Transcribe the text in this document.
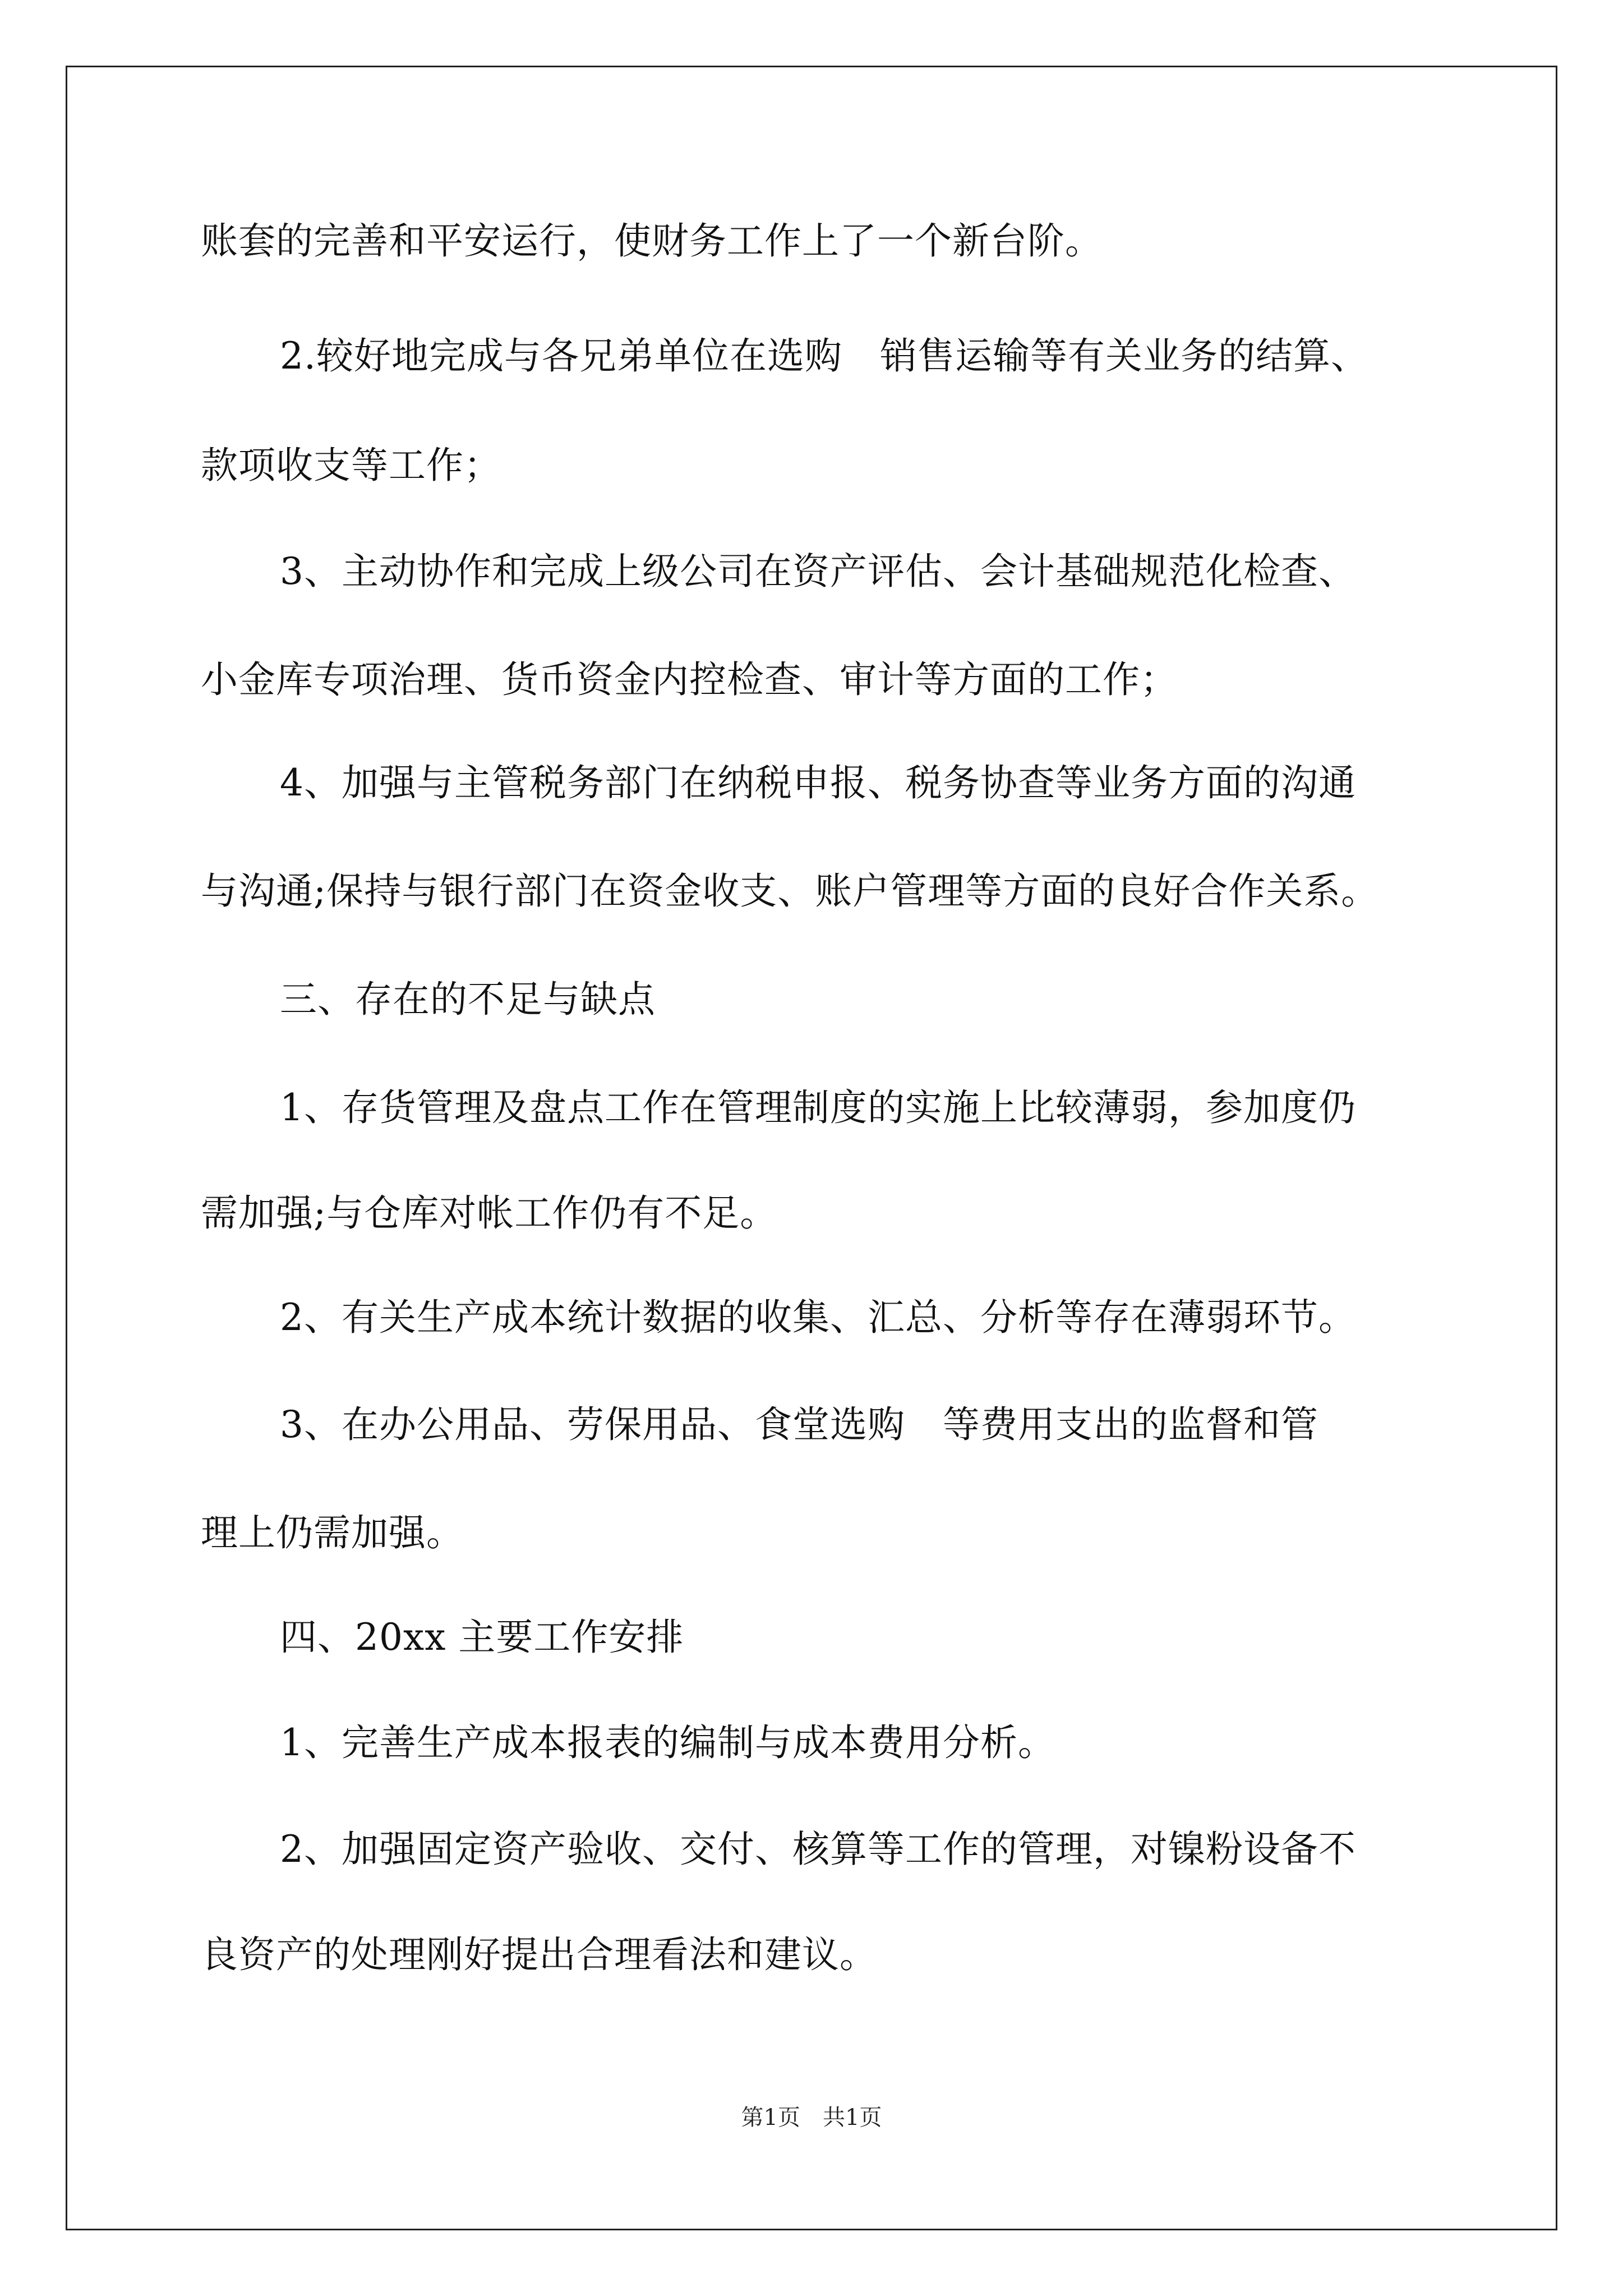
账套的完善和平安运行，使财务工作上了一个新台阶。
2.较好地完成与各兄弟单位在选购　销售运输等有关业务的结算、
款项收支等工作；
3、主动协作和完成上级公司在资产评估、会计基础规范化检查、
小金库专项治理、货币资金内控检查、审计等方面的工作；
4、加强与主管税务部门在纳税申报、税务协查等业务方面的沟通
与沟通;保持与银行部门在资金收支、账户管理等方面的良好合作关系。
三、存在的不足与缺点
1、存货管理及盘点工作在管理制度的实施上比较薄弱，参加度仍
需加强;与仓库对帐工作仍有不足。
2、有关生产成本统计数据的收集、汇总、分析等存在薄弱环节。
3、在办公用品、劳保用品、食堂选购　等费用支出的监督和管
理上仍需加强。
四、20xx 主要工作安排
1、完善生产成本报表的编制与成本费用分析。
2、加强固定资产验收、交付、核算等工作的管理，对镍粉设备不
良资产的处理刚好提出合理看法和建议。
第1页　共1页
